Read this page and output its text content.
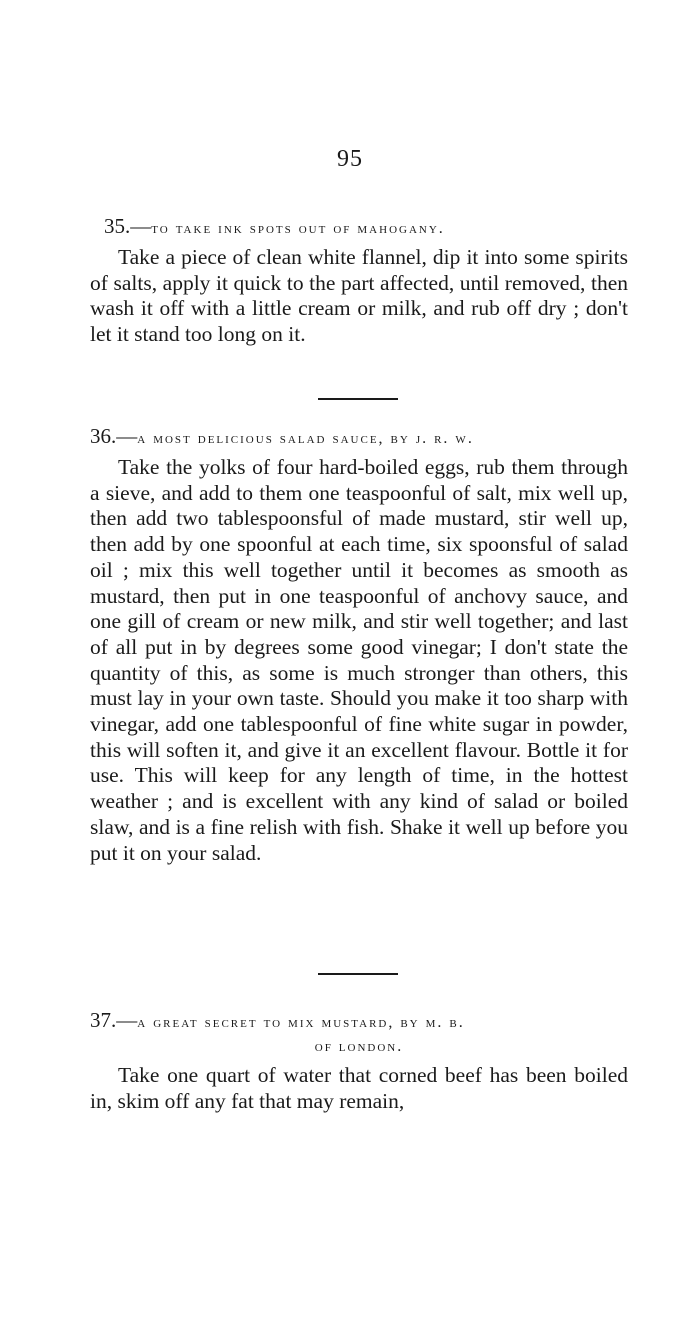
95
35.—to take ink spots out of mahogany.

Take a piece of clean white flannel, dip it into some spirits of salts, apply it quick to the part affected, until removed, then wash it off with a little cream or milk, and rub off dry ; don't let it stand too long on it.

36.—a most delicious salad sauce, by j. r. w.

Take the yolks of four hard-boiled eggs, rub them through a sieve, and add to them one teaspoonful of salt, mix well up, then add two tablespoonsful of made mustard, stir well up, then add by one spoonful at each time, six spoonsful of salad oil ; mix this well together until it becomes as smooth as mustard, then put in one teaspoonful of anchovy sauce, and one gill of cream or new milk, and stir well together; and last of all put in by degrees some good vinegar; I don't state the quantity of this, as some is much stronger than others, this must lay in your own taste. Should you make it too sharp with vinegar, add one tablespoonful of fine white sugar in powder, this will soften it, and give it an excellent flavour. Bottle it for use. This will keep for any length of time, in the hottest weather ; and is excellent with any kind of salad or boiled slaw, and is a fine relish with fish. Shake it well up before you put it on your salad.

37.—a great secret to mix mustard, by m. b.
of london.

Take one quart of water that corned beef has been boiled in, skim off any fat that may remain,
